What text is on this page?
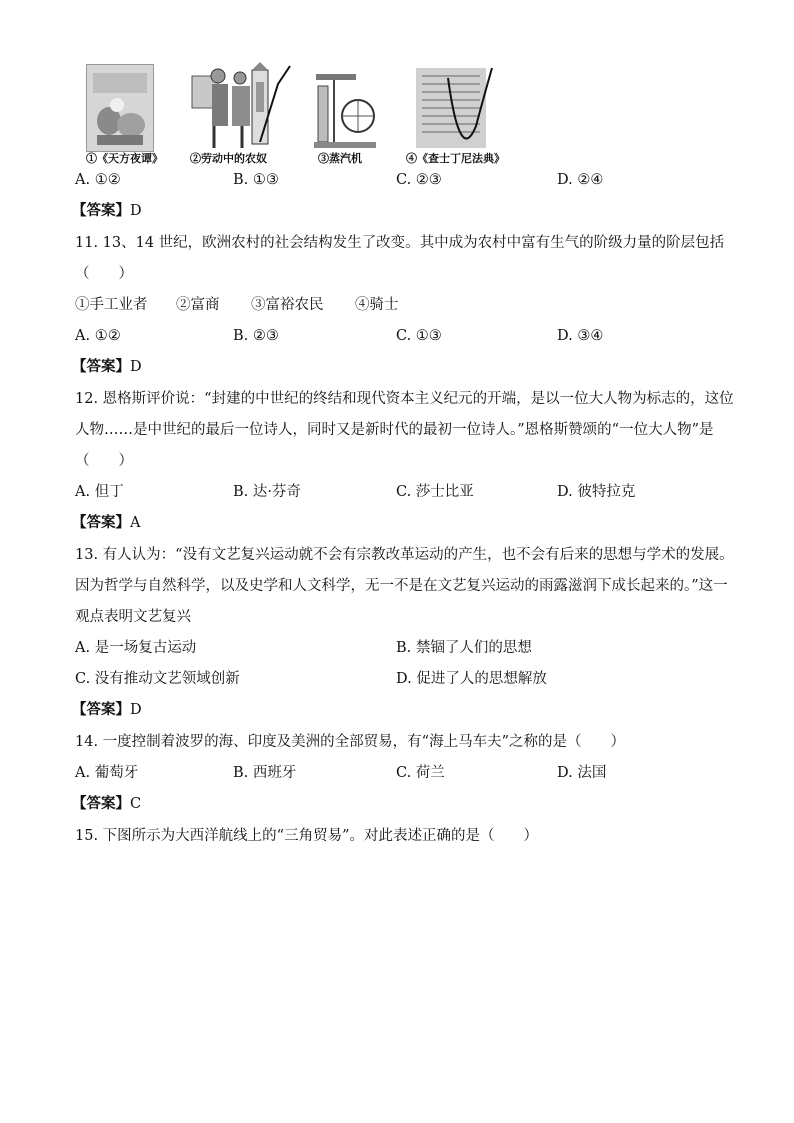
①《天方夜谭》 ②劳动中的农奴	③蒸汽机	④《查士丁尼法典》
A. ①②	B. ①③	C. ②③	D. ②④
【答案】D
11. 13、14 世纪，欧洲农村的社会结构发生了改变。其中成为农村中富有生气的阶级力量的阶层包括
（　　）
①手工业者 ②富商 ③富裕农民 ④骑士
A. ①②	B. ②③	C. ①③	D. ③④
【答案】D
12. 恩格斯评价说：“封建的中世纪的终结和现代资本主义纪元的开端，是以一位大人物为标志的，这位
人物……是中世纪的最后一位诗人，同时又是新时代的最初一位诗人。”恩格斯赞颂的“一位大人物”是
（　　）
A. 但丁	B. 达·芬奇	C. 莎士比亚	D. 彼特拉克
【答案】A
13. 有人认为：“没有文艺复兴运动就不会有宗教改革运动的产生，也不会有后来的思想与学术的发展。
因为哲学与自然科学，以及史学和人文科学，无一不是在文艺复兴运动的雨露滋润下成长起来的。”这一
观点表明文艺复兴
A. 是一场复古运动	B. 禁锢了人们的思想
C. 没有推动文艺领域创新	D. 促进了人的思想解放
【答案】D
14. 一度控制着波罗的海、印度及美洲的全部贸易，有“海上马车夫”之称的是（　　）
A. 葡萄牙	B. 西班牙	C. 荷兰	D. 法国
【答案】C
15. 下图所示为大西洋航线上的“三角贸易”。对此表述正确的是（　　）
